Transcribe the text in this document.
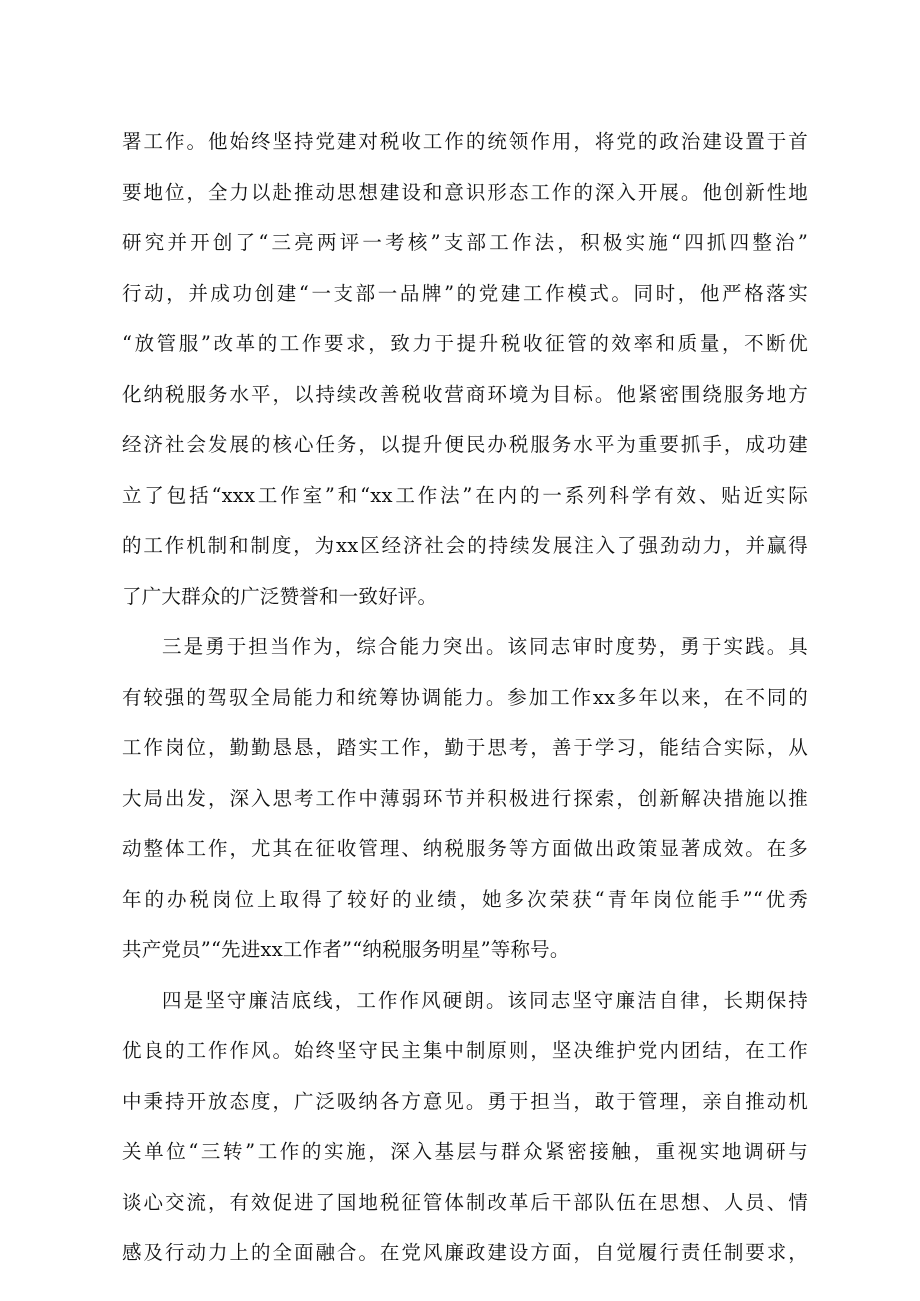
署工作。他始终坚持党建对税收工作的统领作用，将党的政治建设置于首
要地位，全力以赴推动思想建设和意识形态工作的深入开展。他创新性地
研究并开创了“三亮两评一考核”支部工作法，积极实施“四抓四整治”
行动，并成功创建“一支部一品牌”的党建工作模式。同时，他严格落实
“放管服”改革的工作要求，致力于提升税收征管的效率和质量，不断优
化纳税服务水平，以持续改善税收营商环境为目标。他紧密围绕服务地方
经济社会发展的核心任务，以提升便民办税服务水平为重要抓手，成功建
立了包括“xxx工作室”和“xx工作法”在内的一系列科学有效、贴近实际
的工作机制和制度，为xx区经济社会的持续发展注入了强劲动力，并赢得
了广大群众的广泛赞誉和一致好评。
三是勇于担当作为，综合能力突出。该同志审时度势，勇于实践。具
有较强的驾驭全局能力和统筹协调能力。参加工作xx多年以来，在不同的
工作岗位，勤勤恳恳，踏实工作，勤于思考，善于学习，能结合实际，从
大局出发，深入思考工作中薄弱环节并积极进行探索，创新解决措施以推
动整体工作，尤其在征收管理、纳税服务等方面做出政策显著成效。在多
年的办税岗位上取得了较好的业绩，她多次荣获“青年岗位能手”“优秀
共产党员”“先进xx工作者”“纳税服务明星”等称号。
四是坚守廉洁底线，工作作风硬朗。该同志坚守廉洁自律，长期保持
优良的工作作风。始终坚守民主集中制原则，坚决维护党内团结，在工作
中秉持开放态度，广泛吸纳各方意见。勇于担当，敢于管理，亲自推动机
关单位“三转”工作的实施，深入基层与群众紧密接触，重视实地调研与
谈心交流，有效促进了国地税征管体制改革后干部队伍在思想、人员、情
感及行动力上的全面融合。在党风廉政建设方面，自觉履行责任制要求，
